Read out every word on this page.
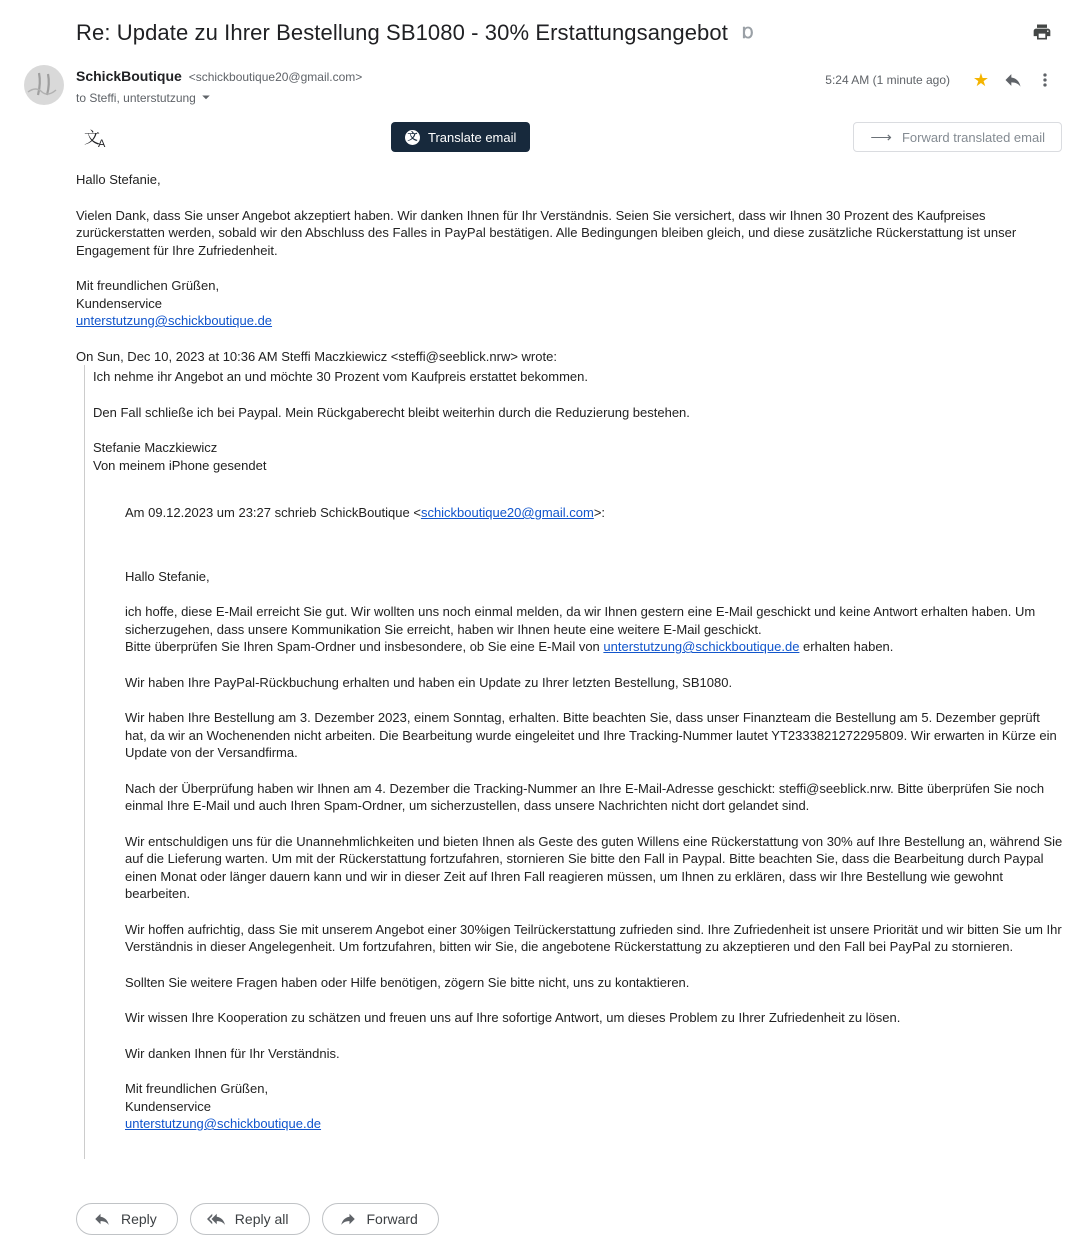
Re: Update zu Ihrer Bestellung SB1080 - 30% Erstattungsangebot Ɒ
SchickBoutique <schickboutique20@gmail.com>
to Steffi, unterstutzung
5:24 AM (1 minute ago) ★
文$_A$
文 Translate email	⟶ Forward translated email

Hallo Stefanie,

Vielen Dank, dass Sie unser Angebot akzeptiert haben. Wir danken Ihnen für Ihr Verständnis. Seien Sie versichert, dass wir Ihnen 30 Prozent des Kaufpreises zurückerstatten werden, sobald wir den Abschluss des Falles in PayPal bestätigen. Alle Bedingungen bleiben gleich, und diese zusätzliche Rückerstattung ist unser Engagement für Ihre Zufriedenheit.

Mit freundlichen Grüßen,
Kundenservice

unterstutzung@schickboutique.de

On Sun, Dec 10, 2023 at 10:36 AM Steffi Maczkiewicz <steffi@seeblick.nrw> wrote:

Ich nehme ihr Angebot an und möchte 30 Prozent vom Kaufpreis erstattet bekommen.

Den Fall schließe ich bei Paypal. Mein Rückgaberecht bleibt weiterhin durch die Reduzierung bestehen.

Stefanie Maczkiewicz
Von meinem iPhone gesendet
Am 09.12.2023 um 23:27 schrieb SchickBoutique <schickboutique20@gmail.com>:

Hallo Stefanie,

ich hoffe, diese E-Mail erreicht Sie gut. Wir wollten uns noch einmal melden, da wir Ihnen gestern eine E-Mail geschickt und keine Antwort erhalten haben. Um sicherzugehen, dass unsere Kommunikation Sie erreicht, haben wir Ihnen heute eine weitere E-Mail geschickt.

Bitte überprüfen Sie Ihren Spam-Ordner und insbesondere, ob Sie eine E-Mail von unterstutzung@schickboutique.de erhalten haben.

Wir haben Ihre PayPal-Rückbuchung erhalten und haben ein Update zu Ihrer letzten Bestellung, SB1080.

Wir haben Ihre Bestellung am 3. Dezember 2023, einem Sonntag, erhalten. Bitte beachten Sie, dass unser Finanzteam die Bestellung am 5. Dezember geprüft hat, da wir an Wochenenden nicht arbeiten. Die Bearbeitung wurde eingeleitet und Ihre Tracking-Nummer lautet YT2333821272295809. Wir erwarten in Kürze ein Update von der Versandfirma.

Nach der Überprüfung haben wir Ihnen am 4. Dezember die Tracking-Nummer an Ihre E-Mail-Adresse geschickt: steffi@seeblick.nrw. Bitte überprüfen Sie noch einmal Ihre E-Mail und auch Ihren Spam-Ordner, um sicherzustellen, dass unsere Nachrichten nicht dort gelandet sind.

Wir entschuldigen uns für die Unannehmlichkeiten und bieten Ihnen als Geste des guten Willens eine Rückerstattung von 30% auf Ihre Bestellung an, während Sie auf die Lieferung warten. Um mit der Rückerstattung fortzufahren, stornieren Sie bitte den Fall in Paypal. Bitte beachten Sie, dass die Bearbeitung durch Paypal einen Monat oder länger dauern kann und wir in dieser Zeit auf Ihren Fall reagieren müssen, um Ihnen zu erklären, dass wir Ihre Bestellung wie gewohnt bearbeiten.

Wir hoffen aufrichtig, dass Sie mit unserem Angebot einer 30%igen Teilrückerstattung zufrieden sind. Ihre Zufriedenheit ist unsere Priorität und wir bitten Sie um Ihr Verständnis in dieser Angelegenheit. Um fortzufahren, bitten wir Sie, die angebotene Rückerstattung zu akzeptieren und den Fall bei PayPal zu stornieren.

Sollten Sie weitere Fragen haben oder Hilfe benötigen, zögern Sie bitte nicht, uns zu kontaktieren.

Wir wissen Ihre Kooperation zu schätzen und freuen uns auf Ihre sofortige Antwort, um dieses Problem zu Ihrer Zufriedenheit zu lösen.

Wir danken Ihnen für Ihr Verständnis.

Mit freundlichen Grüßen,
Kundenservice
unterstutzung@schickboutique.de
Reply	Reply all	Forward
